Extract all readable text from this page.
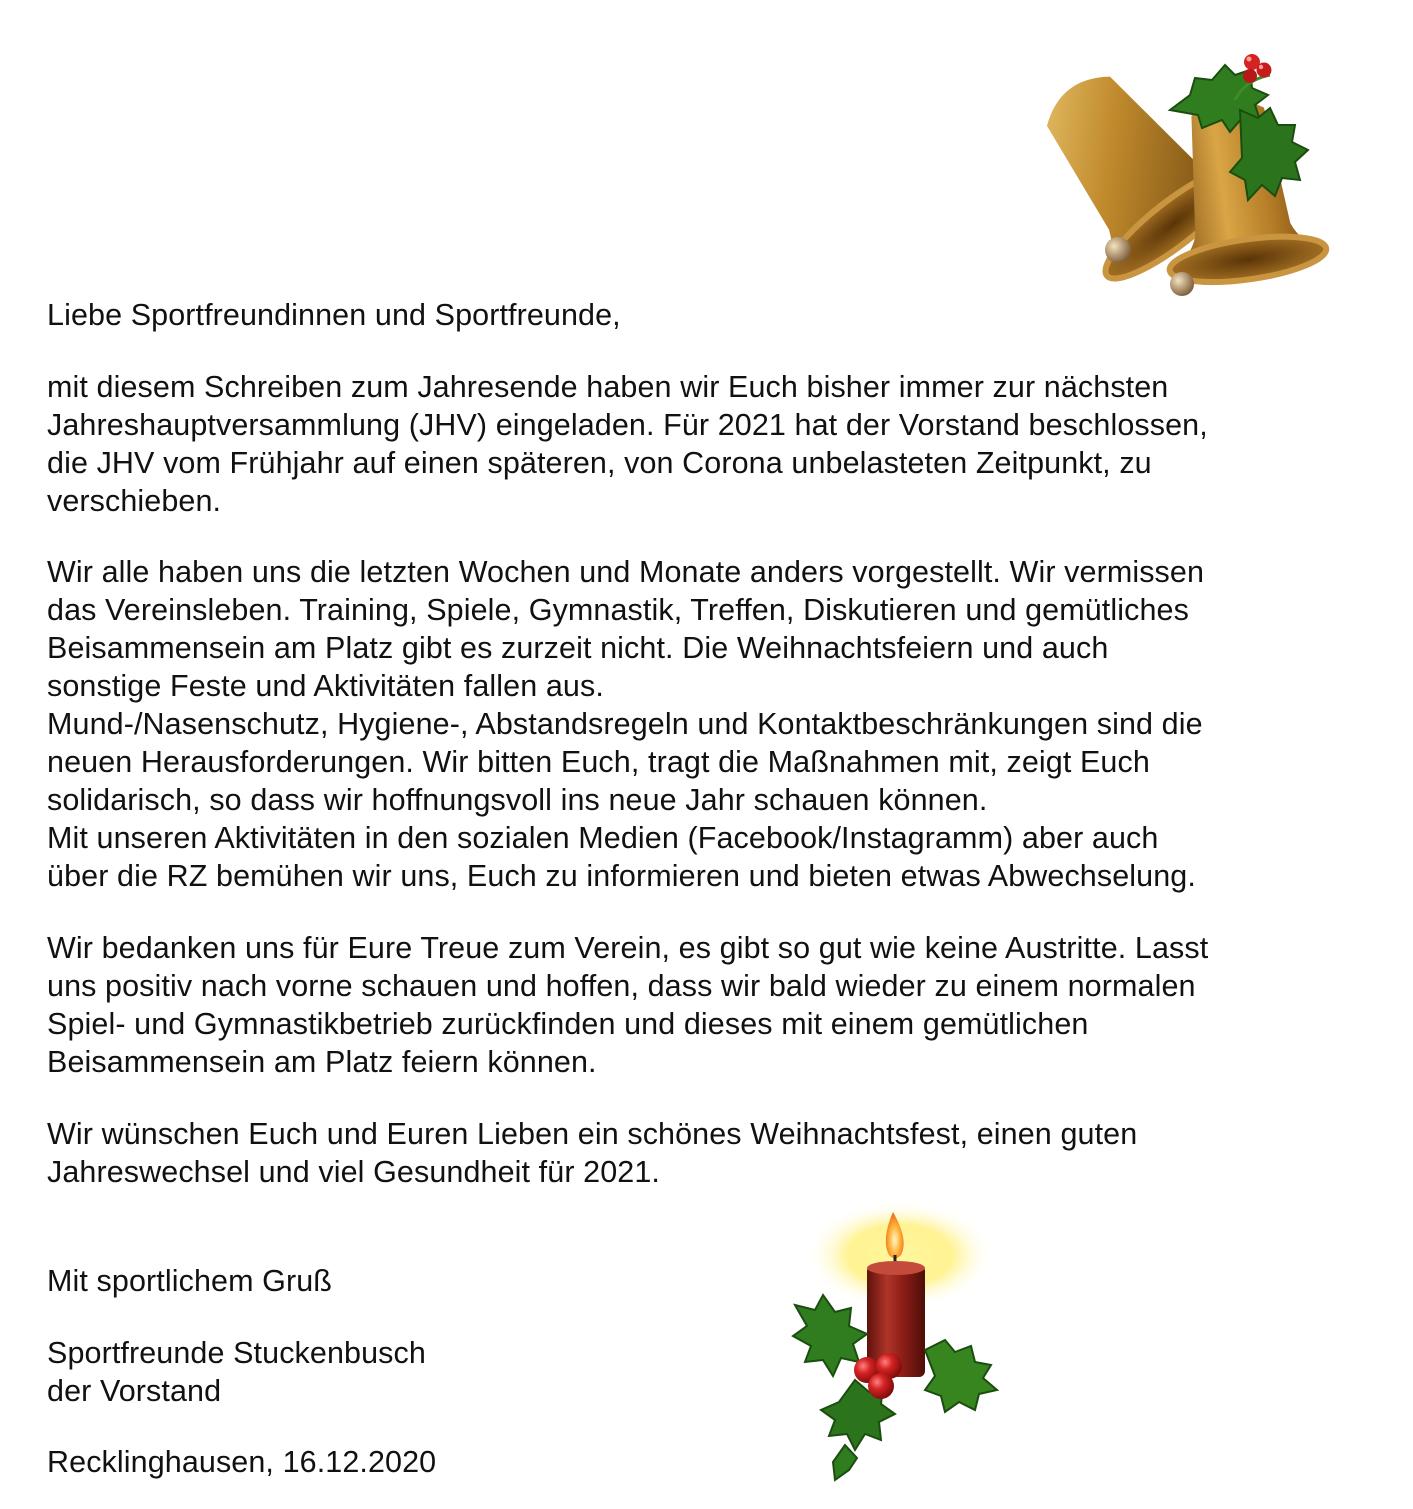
Liebe Sportfreundinnen und Sportfreunde,
mit diesem Schreiben zum Jahresende haben wir Euch bisher immer zur nächsten
Jahreshauptversammlung (JHV) eingeladen. Für 2021 hat der Vorstand beschlossen,
die JHV vom Frühjahr auf einen späteren, von Corona unbelasteten Zeitpunkt, zu
verschieben.
Wir alle haben uns die letzten Wochen und Monate anders vorgestellt. Wir vermissen
das Vereinsleben. Training, Spiele, Gymnastik, Treffen, Diskutieren und gemütliches
Beisammensein am Platz gibt es zurzeit nicht. Die Weihnachtsfeiern und auch
sonstige Feste und Aktivitäten fallen aus.
Mund-/Nasenschutz, Hygiene-, Abstandsregeln und Kontaktbeschränkungen sind die
neuen Herausforderungen. Wir bitten Euch, tragt die Maßnahmen mit, zeigt Euch
solidarisch, so dass wir hoffnungsvoll ins neue Jahr schauen können.
Mit unseren Aktivitäten in den sozialen Medien (Facebook/Instagramm) aber auch
über die RZ bemühen wir uns, Euch zu informieren und bieten etwas Abwechselung.
Wir bedanken uns für Eure Treue zum Verein, es gibt so gut wie keine Austritte. Lasst
uns positiv nach vorne schauen und hoffen, dass wir bald wieder zu einem normalen
Spiel- und Gymnastikbetrieb zurückfinden und dieses mit einem gemütlichen
Beisammensein am Platz feiern können.
Wir wünschen Euch und Euren Lieben ein schönes Weihnachtsfest, einen guten
Jahreswechsel und viel Gesundheit für 2021.
Mit sportlichem Gruß
Sportfreunde Stuckenbusch
der Vorstand
Recklinghausen, 16.12.2020
